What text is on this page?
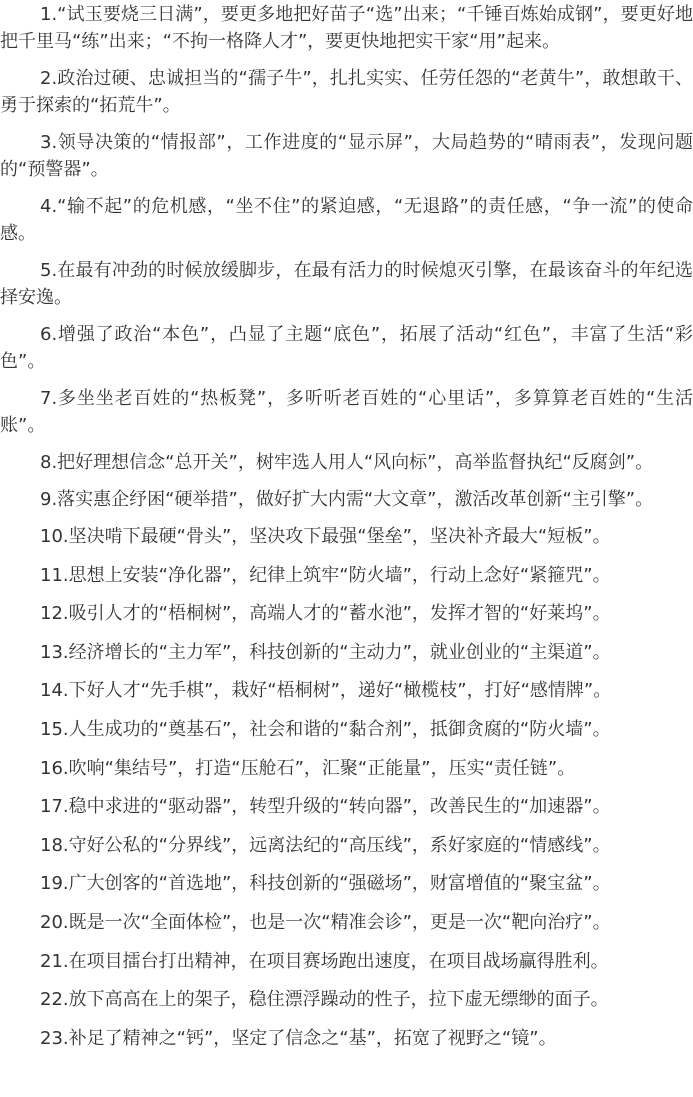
1.“试玉要烧三日满”，要更多地把好苗子“选”出来；“千锤百炼始成钢”，要更好地把千里马“练”出来；“不拘一格降人才”，要更快地把实干家“用”起来。

2.政治过硬、忠诚担当的“孺子牛”，扎扎实实、任劳任怨的“老黄牛”，敢想敢干、勇于探索的“拓荒牛”。

3.领导决策的“情报部”，工作进度的“显示屏”，大局趋势的“晴雨表”，发现问题的“预警器”。

4.“输不起”的危机感，“坐不住”的紧迫感，“无退路”的责任感，“争一流”的使命感。

5.在最有冲劲的时候放缓脚步，在最有活力的时候熄灭引擎，在最该奋斗的年纪选择安逸。

6.增强了政治“本色”，凸显了主题“底色”，拓展了活动“红色”，丰富了生活“彩色”。

7.多坐坐老百姓的“热板凳”，多听听老百姓的“心里话”，多算算老百姓的“生活账”。

8.把好理想信念“总开关”，树牢选人用人“风向标”，高举监督执纪“反腐剑”。

9.落实惠企纾困“硬举措”，做好扩大内需“大文章”，激活改革创新“主引擎”。

10.坚决啃下最硬“骨头”，坚决攻下最强“堡垒”，坚决补齐最大“短板”。

11.思想上安装“净化器”，纪律上筑牢“防火墙”，行动上念好“紧箍咒”。

12.吸引人才的“梧桐树”，高端人才的“蓄水池”，发挥才智的“好莱坞”。

13.经济增长的“主力军”，科技创新的“主动力”，就业创业的“主渠道”。

14.下好人才“先手棋”，栽好“梧桐树”，递好“橄榄枝”，打好“感情牌”。

15.人生成功的“奠基石”，社会和谐的“黏合剂”，抵御贪腐的“防火墙”。

16.吹响“集结号”，打造“压舱石”，汇聚“正能量”，压实“责任链”。

17.稳中求进的“驱动器”，转型升级的“转向器”，改善民生的“加速器”。

18.守好公私的“分界线”，远离法纪的“高压线”，系好家庭的“情感线”。

19.广大创客的“首选地”，科技创新的“强磁场”，财富增值的“聚宝盆”。

20.既是一次“全面体检”，也是一次“精准会诊”，更是一次“靶向治疗”。

21.在项目擂台打出精神，在项目赛场跑出速度，在项目战场赢得胜利。

22.放下高高在上的架子，稳住漂浮躁动的性子，拉下虚无缥缈的面子。

23.补足了精神之“钙”，坚定了信念之“基”，拓宽了视野之“镜”。
